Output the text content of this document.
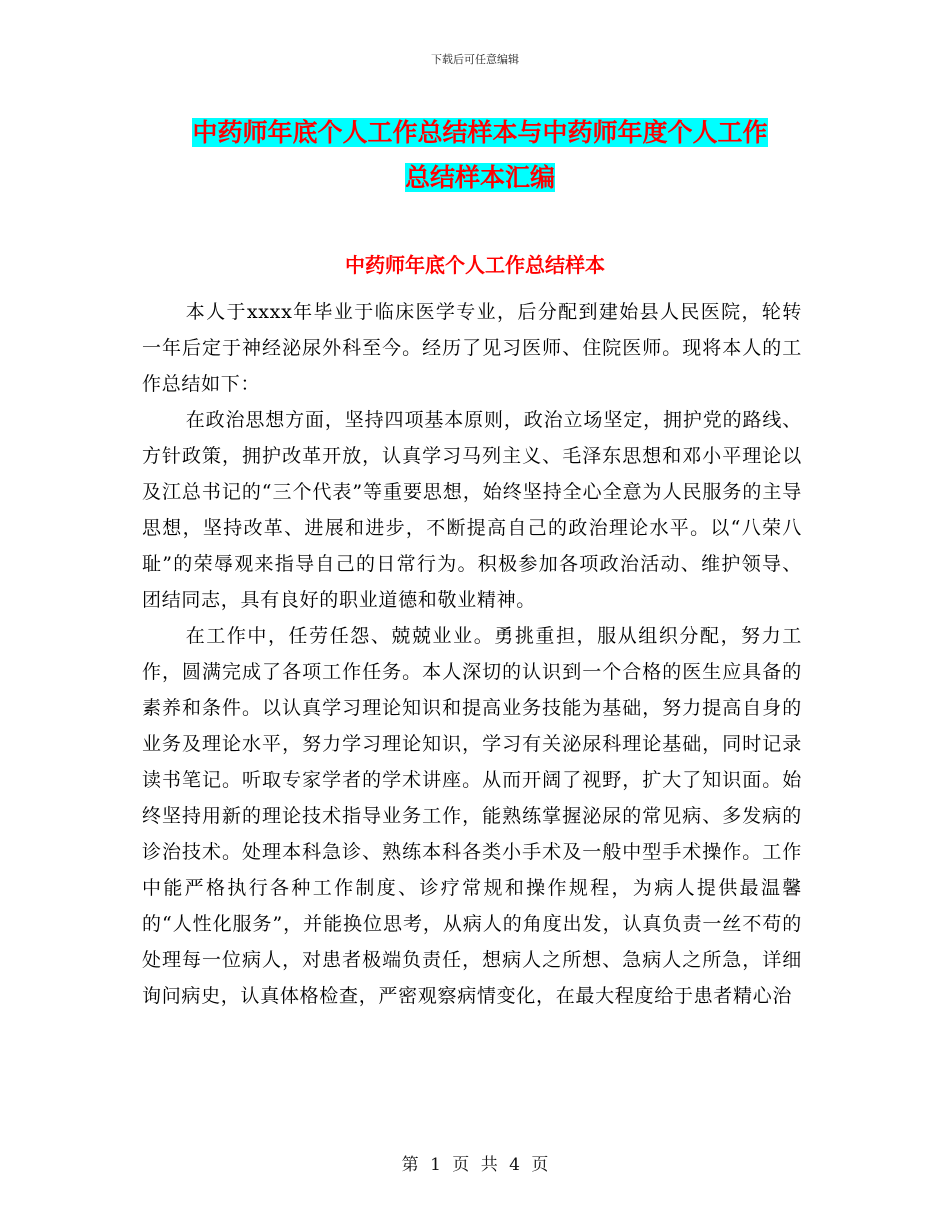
下载后可任意编辑
中药师年底个人工作总结样本与中药师年度个人工作
总结样本汇编
中药师年底个人工作总结样本

本人于xxxx年毕业于临床医学专业，后分配到建始县人民医院，轮转一年后定于神经泌尿外科至今。经历了见习医师、住院医师。现将本人的工作总结如下：

在政治思想方面，坚持四项基本原则，政治立场坚定，拥护党的路线、方针政策，拥护改革开放，认真学习马列主义、毛泽东思想和邓小平理论以及江总书记的“三个代表”等重要思想，始终坚持全心全意为人民服务的主导思想，坚持改革、进展和进步，不断提高自己的政治理论水平。以“八荣八耻”的荣辱观来指导自己的日常行为。积极参加各项政治活动、维护领导、团结同志，具有良好的职业道德和敬业精神。

在工作中，任劳任怨、兢兢业业。勇挑重担，服从组织分配，努力工作，圆满完成了各项工作任务。本人深切的认识到一个合格的医生应具备的素养和条件。以认真学习理论知识和提高业务技能为基础，努力提高自身的业务及理论水平，努力学习理论知识，学习有关泌尿科理论基础，同时记录读书笔记。听取专家学者的学术讲座。从而开阔了视野，扩大了知识面。始终坚持用新的理论技术指导业务工作，能熟练掌握泌尿的常见病、多发病的诊治技术。处理本科急诊、熟练本科各类小手术及一般中型手术操作。工作中能严格执行各种工作制度、诊疗常规和操作规程，为病人提供最温馨的“人性化服务”，并能换位思考，从病人的角度出发，认真负责一丝不苟的处理每一位病人，对患者极端负责任，想病人之所想、急病人之所急，详细询问病史，认真体格检查，严密观察病情变化，在最大程度给于患者精心治

第 1 页 共 4 页
